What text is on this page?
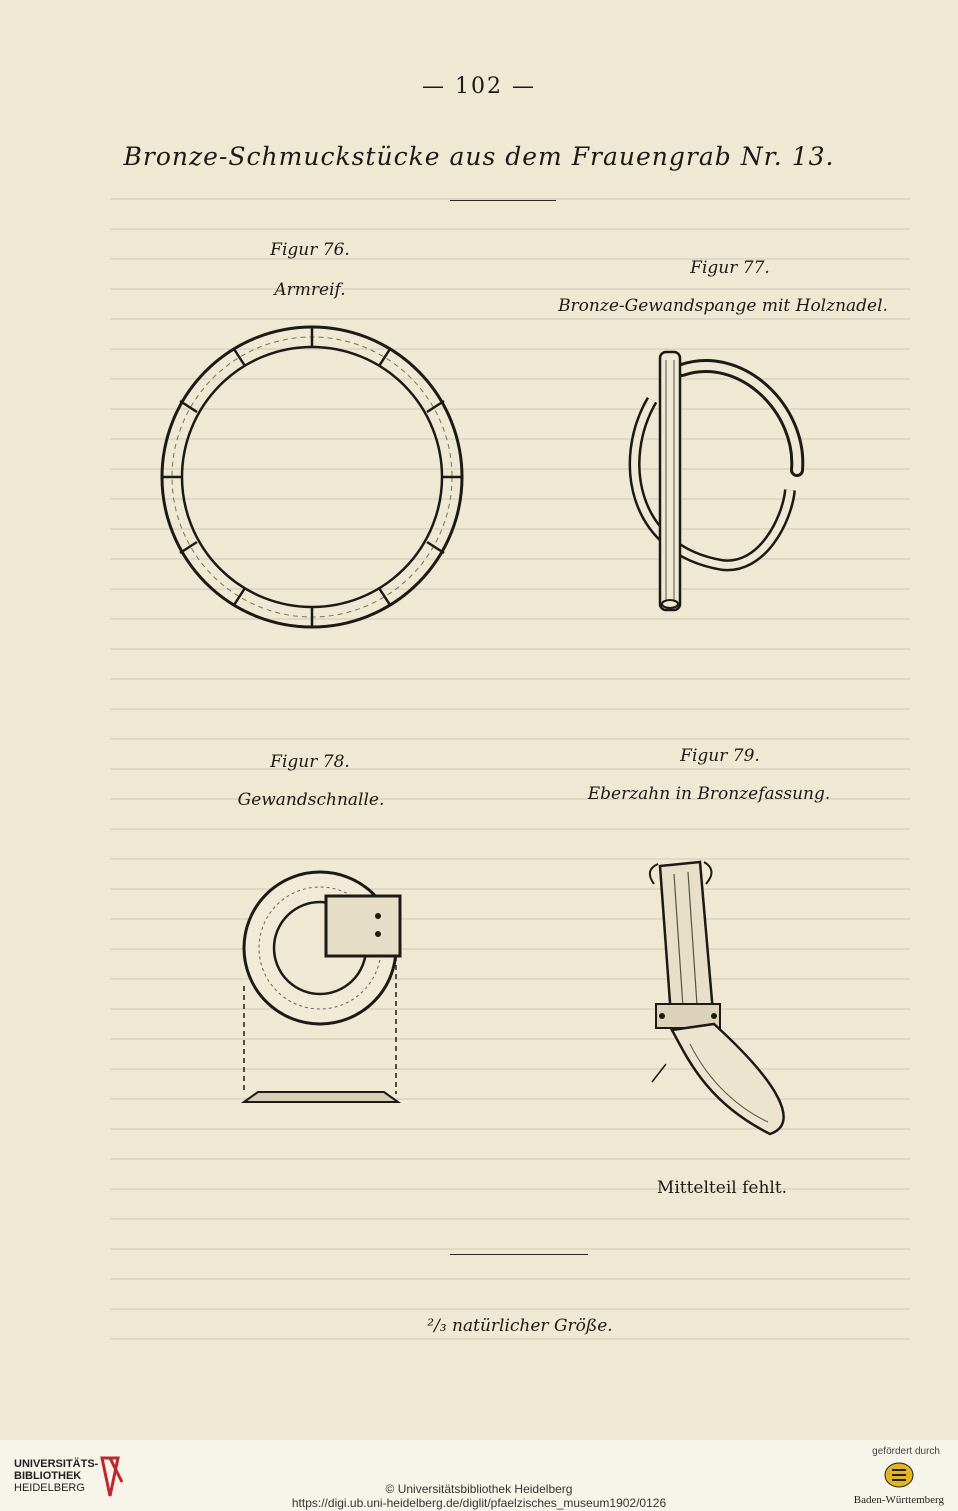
— 102 —
Bronze-Schmuckstücke aus dem Frauengrab Nr. 13.
Figur 76.
Armreif.
Figur 77.
Bronze-Gewandspange mit Holznadel.
Figur 78.
Gewandschnalle.
Figur 79.
Eberzahn in Bronzefassung.
Mittelteil fehlt.
²/₃ natürlicher Größe.
UNIVERSITÄTS-
BIBLIOTHEK
HEIDELBERG	© Universitätsbibliothek Heidelberg
https://digi.ub.uni-heidelberg.de/diglit/pfaelzisches_museum1902/0126
gefördert durch
Baden-Württemberg
